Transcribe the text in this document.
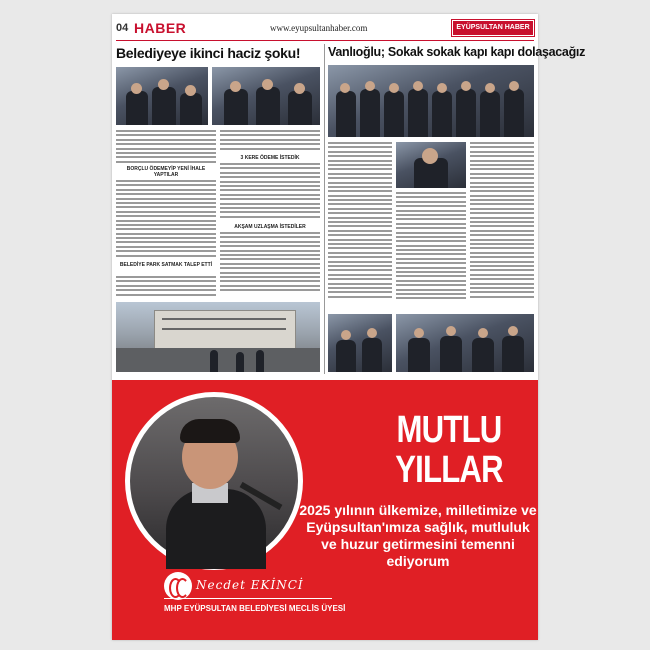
04 HABER	www.eyupsultanhaber.com	EYÜPSULTAN HABER
Belediyeye ikinci haciz şoku!
BORÇLU ÖDEMEYİP YENİ İHALE YAPTILAR
BELEDİYE PARK SATMAK TALEP ETTİ
3 KERE ÖDEME İSTEDİK
AKŞAM UZLAŞMA İSTEDİLER
Vanlıoğlu; Sokak sokak kapı kapı dolaşacağız
MUTLU
YILLAR
2025 yılının ülkemize, milletimize ve Eyüpsultan'ımıza sağlık, mutluluk ve huzur getirmesini temenni ediyorum
Necdet EKİNCİ
MHP EYÜPSULTAN BELEDİYESİ MECLİS ÜYESİ
